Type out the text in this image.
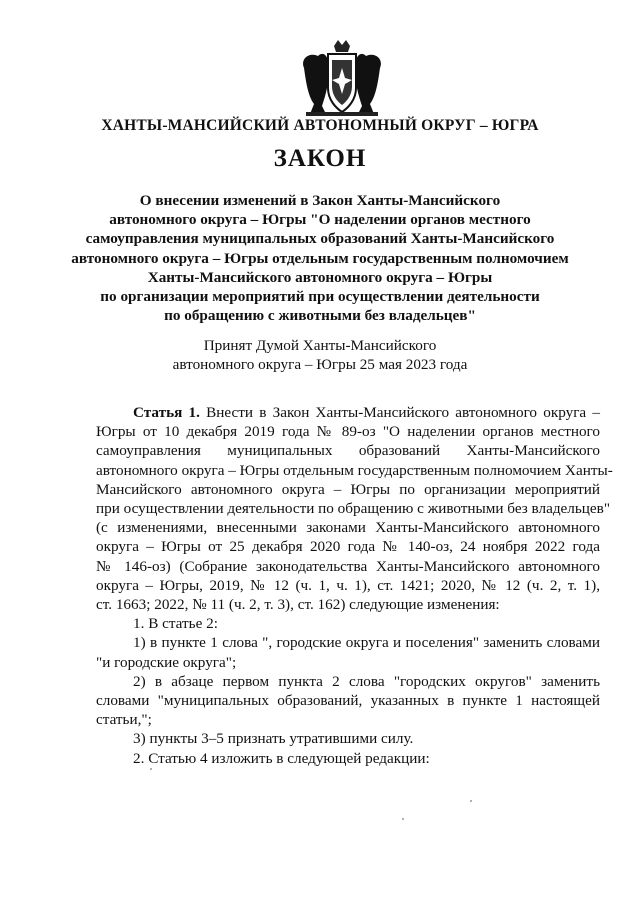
ХАНТЫ-МАНСИЙСКИЙ АВТОНОМНЫЙ ОКРУГ – ЮГРА
ЗАКОН
О внесении изменений в Закон Ханты-Мансийского
автономного округа – Югры "О наделении органов местного
самоуправления муниципальных образований Ханты-Мансийского
автономного округа – Югры отдельным государственным полномочием
Ханты-Мансийского автономного округа – Югры
по организации мероприятий при осуществлении деятельности
по обращению с животными без владельцев"
Принят Думой Ханты-Мансийского
автономного округа – Югры 25 мая 2023 года
Статья 1. Внести в Закон Ханты-Мансийского автономного округа –
Югры от 10 декабря 2019 года № 89-оз "О наделении органов местного
самоуправления муниципальных образований Ханты-Мансийского
автономного округа – Югры отдельным государственным полномочием Ханты-
Мансийского автономного округа – Югры по организации мероприятий
при осуществлении деятельности по обращению с животными без владельцев"
(с изменениями, внесенными законами Ханты-Мансийского автономного
округа – Югры от 25 декабря 2020 года № 140-оз, 24 ноября 2022 года
№ 146-оз) (Собрание законодательства Ханты-Мансийского автономного
округа – Югры, 2019, № 12 (ч. 1, ч. 1), ст. 1421; 2020, № 12 (ч. 2, т. 1),
ст. 1663; 2022, № 11 (ч. 2, т. 3), ст. 162) следующие изменения:
1. В статье 2:
1) в пункте 1 слова ", городские округа и поселения" заменить словами
"и городские округа";
2) в абзаце первом пункта 2 слова "городских округов" заменить
словами "муниципальных образований, указанных в пункте 1 настоящей
статьи,";
3) пункты 3–5 признать утратившими силу.
2. Статью 4 изложить в следующей редакции:
